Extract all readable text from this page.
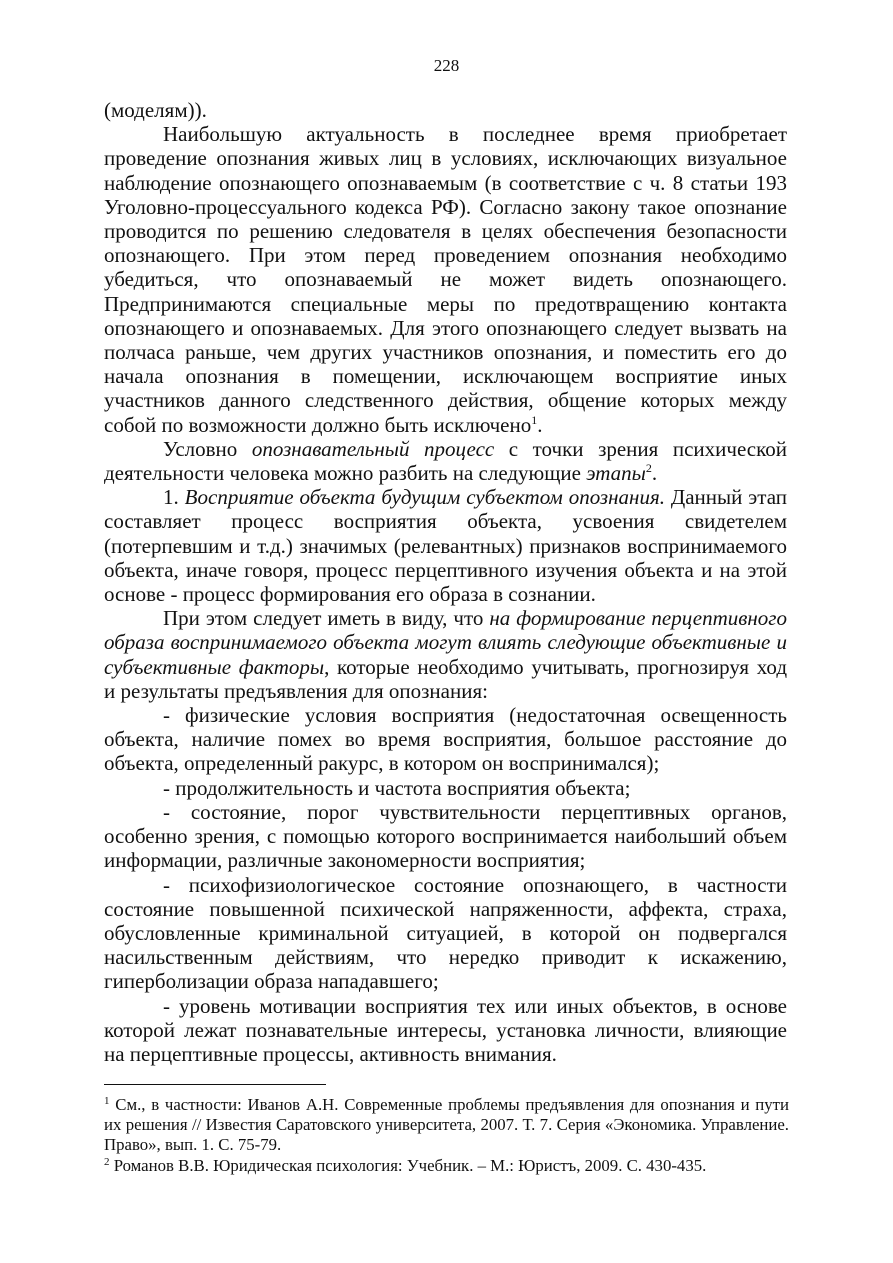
228

(моделям)).

Наибольшую актуальность в последнее время приобретает проведение опознания живых лиц в условиях, исключающих визуальное наблюдение опознающего опознаваемым (в соответствие с ч. 8 статьи 193 Уголовно-процессуального кодекса РФ). Согласно закону такое опознание проводится по решению следователя в целях обеспечения безопасности опознающего. При этом перед проведением опознания необходимо убедиться, что опознаваемый не может видеть опознающего. Предпринимаются специальные меры по предотвращению контакта опознающего и опознаваемых. Для этого опознающего следует вызвать на полчаса раньше, чем других участников опознания, и поместить его до начала опознания в помещении, исключающем восприятие иных участников данного следственного действия, общение которых между собой по возможности должно быть исключено$^1$.

Условно опознавательный процесс с точки зрения психической деятельности человека можно разбить на следующие этапы$^2$.

1. Восприятие объекта будущим субъектом опознания. Данный этап составляет процесс восприятия объекта, усвоения свидетелем (потерпевшим и т.д.) значимых (релевантных) признаков воспринимаемого объекта, иначе говоря, процесс перцептивного изучения объекта и на этой основе - процесс формирования его образа в сознании.

При этом следует иметь в виду, что на формирование перцептивного образа воспринимаемого объекта могут влиять следующие объективные и субъективные факторы, которые необходимо учитывать, прогнозируя ход и результаты предъявления для опознания:

- физические условия восприятия (недостаточная освещенность объекта, наличие помех во время восприятия, большое расстояние до объекта, определенный ракурс, в котором он воспринимался);

- продолжительность и частота восприятия объекта;

- состояние, порог чувствительности перцептивных органов, особенно зрения, с помощью которого воспринимается наибольший объем информации, различные закономерности восприятия;

- психофизиологическое состояние опознающего, в частности состояние повышенной психической напряженности, аффекта, страха, обусловленные криминальной ситуацией, в которой он подвергался насильственным действиям, что нередко приводит к искажению, гиперболизации образа нападавшего;

- уровень мотивации восприятия тех или иных объектов, в основе которой лежат познавательные интересы, установка личности, влияющие на перцептивные процессы, активность внимания.

$^1$ См., в частности: Иванов А.Н. Современные проблемы предъявления для опознания и пути их решения // Известия Саратовского университета, 2007. Т. 7. Серия «Экономика. Управление. Право», вып. 1. С. 75-79.

$^2$ Романов В.В. Юридическая психология: Учебник. – М.: Юристъ, 2009. С. 430-435.
